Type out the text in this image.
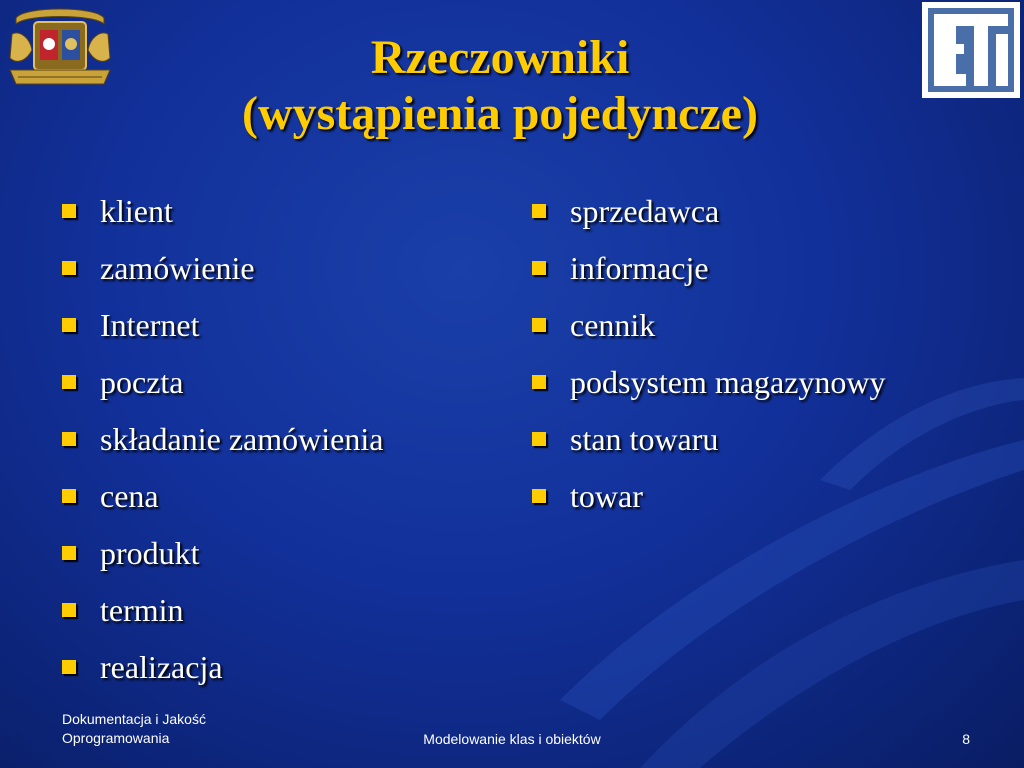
Rzeczowniki
(wystąpienia pojedyncze)
klient
zamówienie
Internet
poczta
składanie zamówienia
cena
produkt
termin
realizacja
sprzedawca
informacje
cennik
podsystem magazynowy
stan towaru
towar
Dokumentacja i Jakość
Oprogramowania	Modelowanie klas i obiektów	8
